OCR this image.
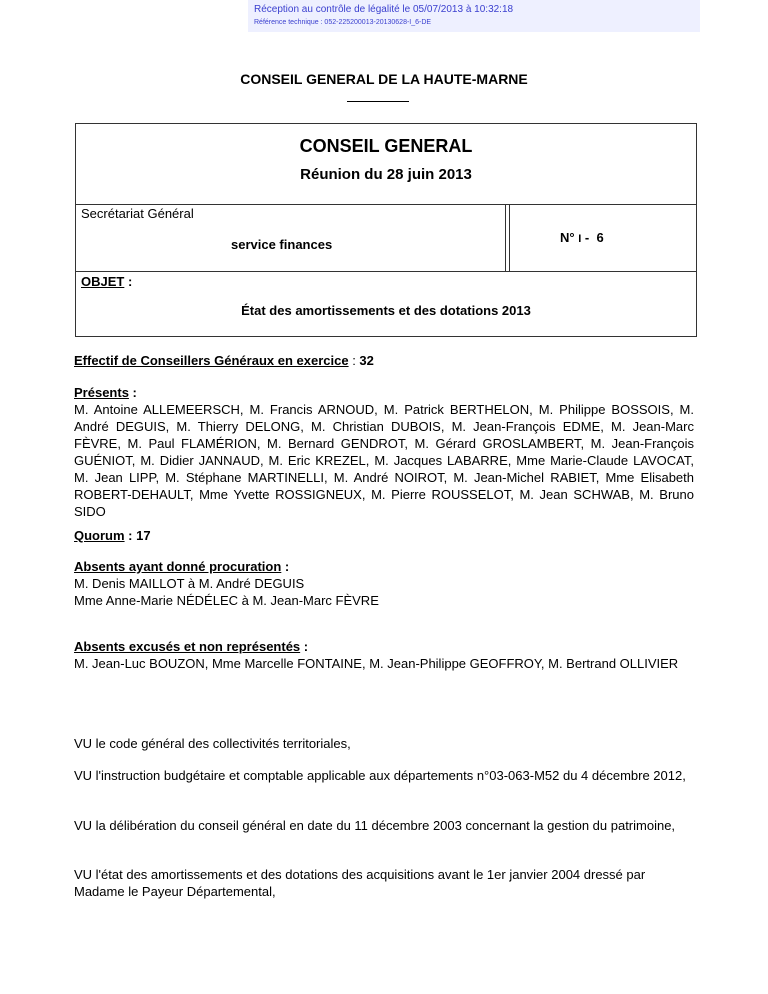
Réception au contrôle de légalité le 05/07/2013 à 10:32:18
Référence technique : 052-225200013-20130628-I_6-DE
CONSEIL GENERAL DE LA HAUTE-MARNE
CONSEIL GENERAL
Réunion du 28 juin 2013
Secrétariat Général
service finances	N° I - 6
OBJET :
État des amortissements et des dotations 2013
Effectif de Conseillers Généraux en exercice : 32
Présents :
M. Antoine ALLEMEERSCH, M. Francis ARNOUD, M. Patrick BERTHELON, M. Philippe BOSSOIS, M. André DEGUIS, M. Thierry DELONG, M. Christian DUBOIS, M. Jean-François EDME, M. Jean-Marc FÈVRE, M. Paul FLAMÉRION, M. Bernard GENDROT, M. Gérard GROSLAMBERT, M. Jean-François GUÉNIOT, M. Didier JANNAUD, M. Eric KREZEL, M. Jacques LABARRE, Mme Marie-Claude LAVOCAT, M. Jean LIPP, M. Stéphane MARTINELLI, M. André NOIROT, M. Jean-Michel RABIET, Mme Elisabeth ROBERT-DEHAULT, Mme Yvette ROSSIGNEUX, M. Pierre ROUSSELOT, M. Jean SCHWAB, M. Bruno SIDO
Quorum : 17
Absents ayant donné procuration :
M. Denis MAILLOT à M. André DEGUIS
Mme Anne-Marie NÉDÉLEC à M. Jean-Marc FÈVRE
Absents excusés et non représentés :
M. Jean-Luc BOUZON, Mme Marcelle FONTAINE, M. Jean-Philippe GEOFFROY, M. Bertrand OLLIVIER
VU le code général des collectivités territoriales,
VU l'instruction budgétaire et comptable applicable aux départements n°03-063-M52 du 4 décembre 2012,
VU la délibération du conseil général en date du 11 décembre 2003 concernant la gestion du patrimoine,
VU l'état des amortissements et des dotations des acquisitions avant le 1er janvier 2004 dressé par Madame le Payeur Départemental,
